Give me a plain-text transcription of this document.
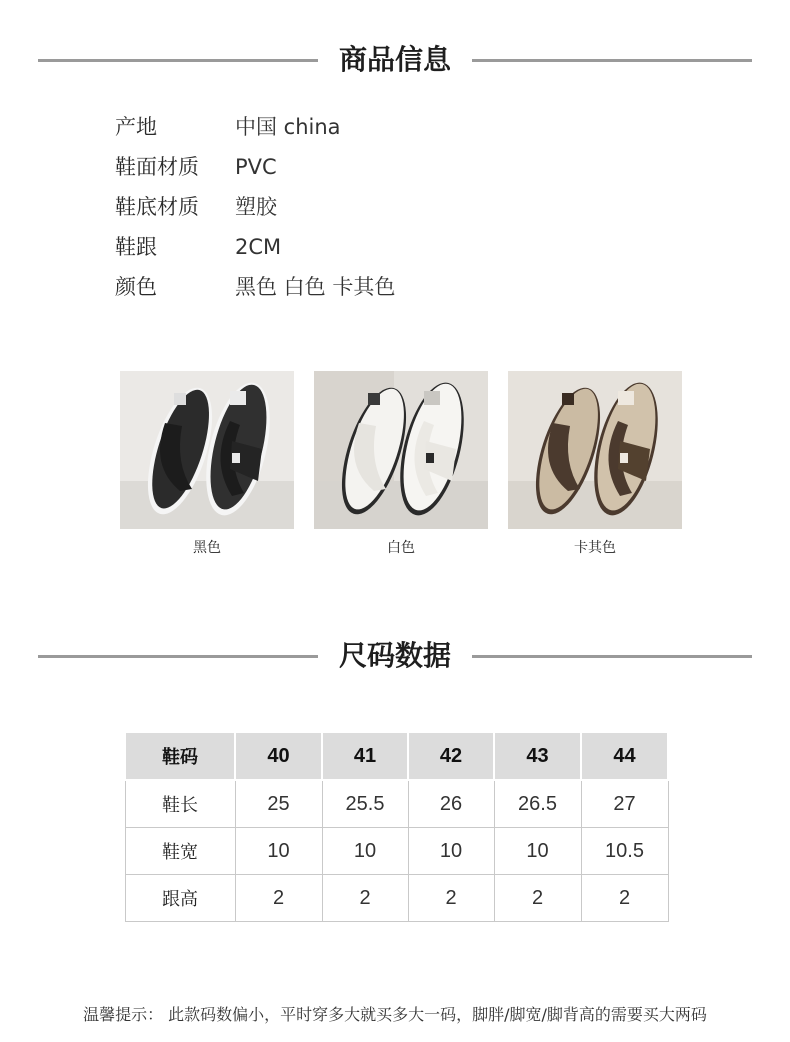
商品信息
产地	中国 china
鞋面材质 PVC
鞋底材质 塑胶
鞋跟	2CM
颜色	黑色 白色 卡其色
黑色	白色	卡其色
尺码数据
鞋码	40	41	42	43	44
鞋长	25	25.5	26	26.5	27
鞋宽	10	10	10	10	10.5
跟高	2	2	2	2	2
温馨提示： 此款码数偏小，平时穿多大就买多大一码，脚胖/脚宽/脚背高的需要买大两码
